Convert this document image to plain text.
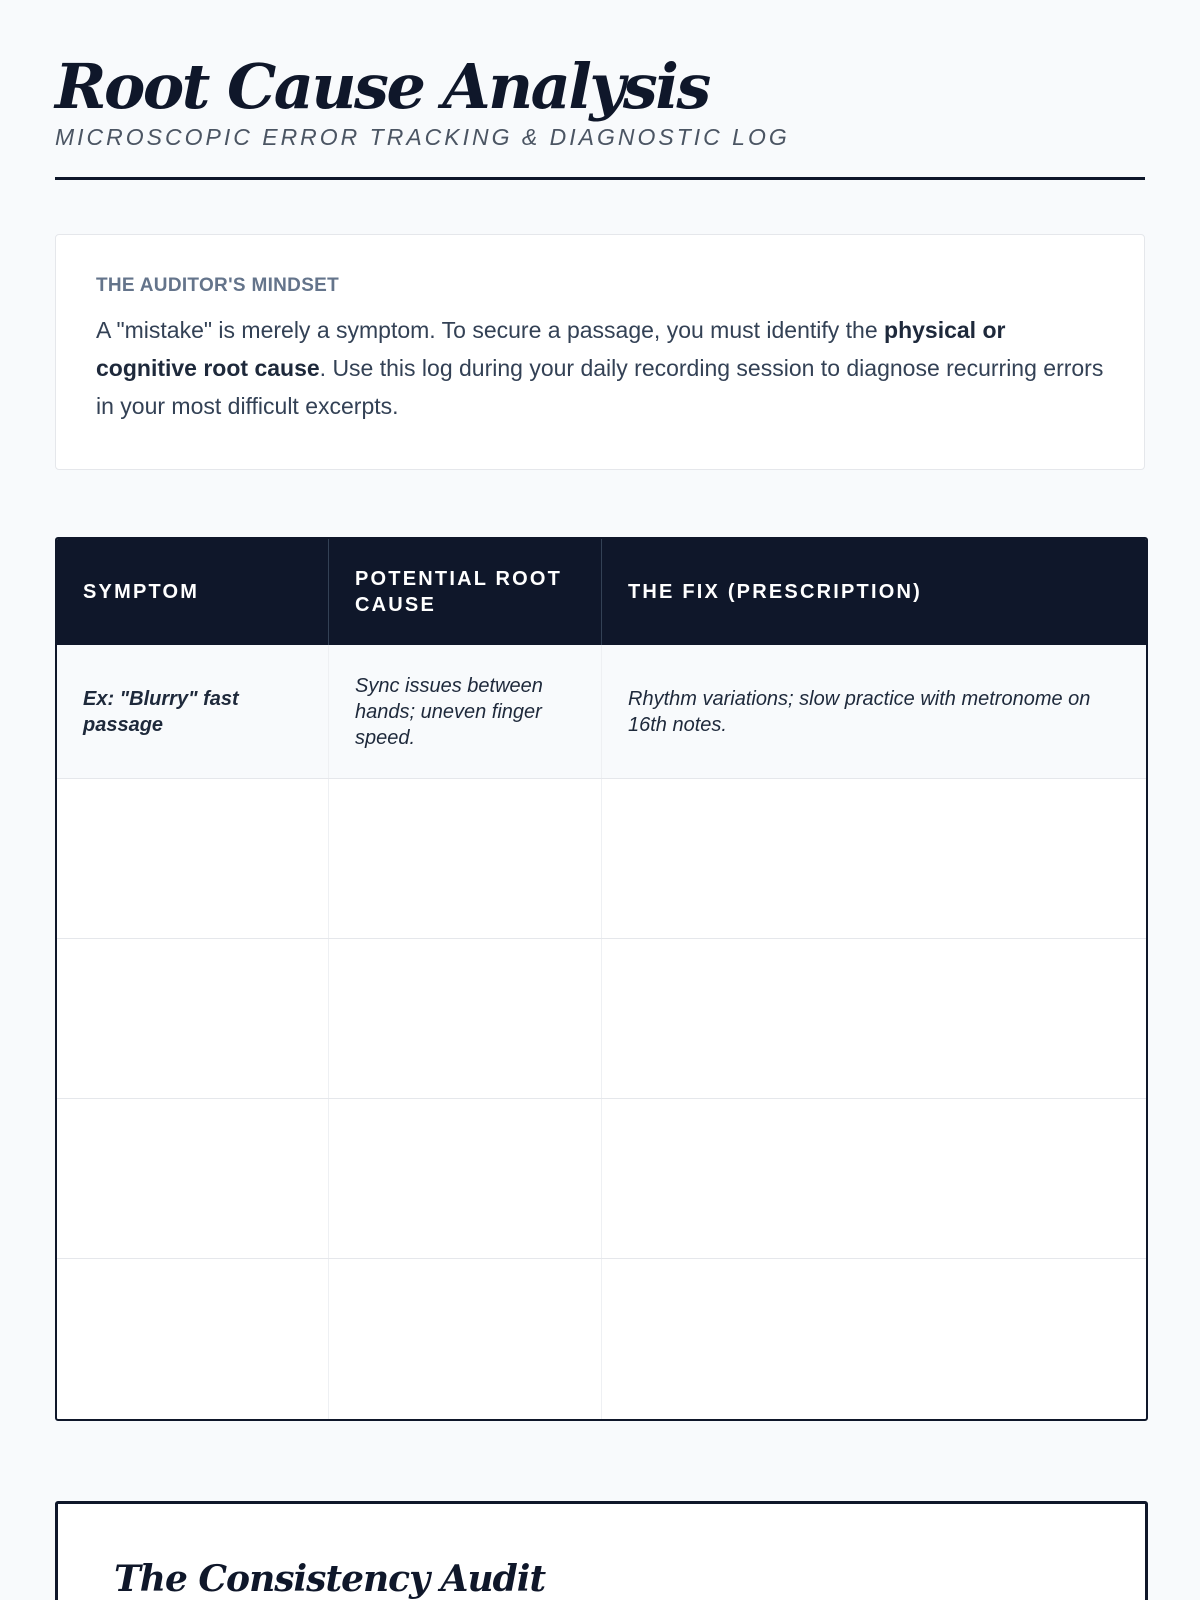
Root Cause Analysis
MICROSCOPIC ERROR TRACKING & DIAGNOSTIC LOG
THE AUDITOR'S MINDSET

A "mistake" is merely a symptom. To secure a passage, you must identify the physical or cognitive root cause. Use this log during your daily recording session to diagnose recurring errors in your most difficult excerpts.

SYMPTOM
POTENTIAL ROOT CAUSE
THE FIX (PRESCRIPTION)
Ex: "Blurry" fast passage
Sync issues between hands; uneven finger speed.
Rhythm variations; slow practice with metronome on 16th notes.
The Consistency Audit
